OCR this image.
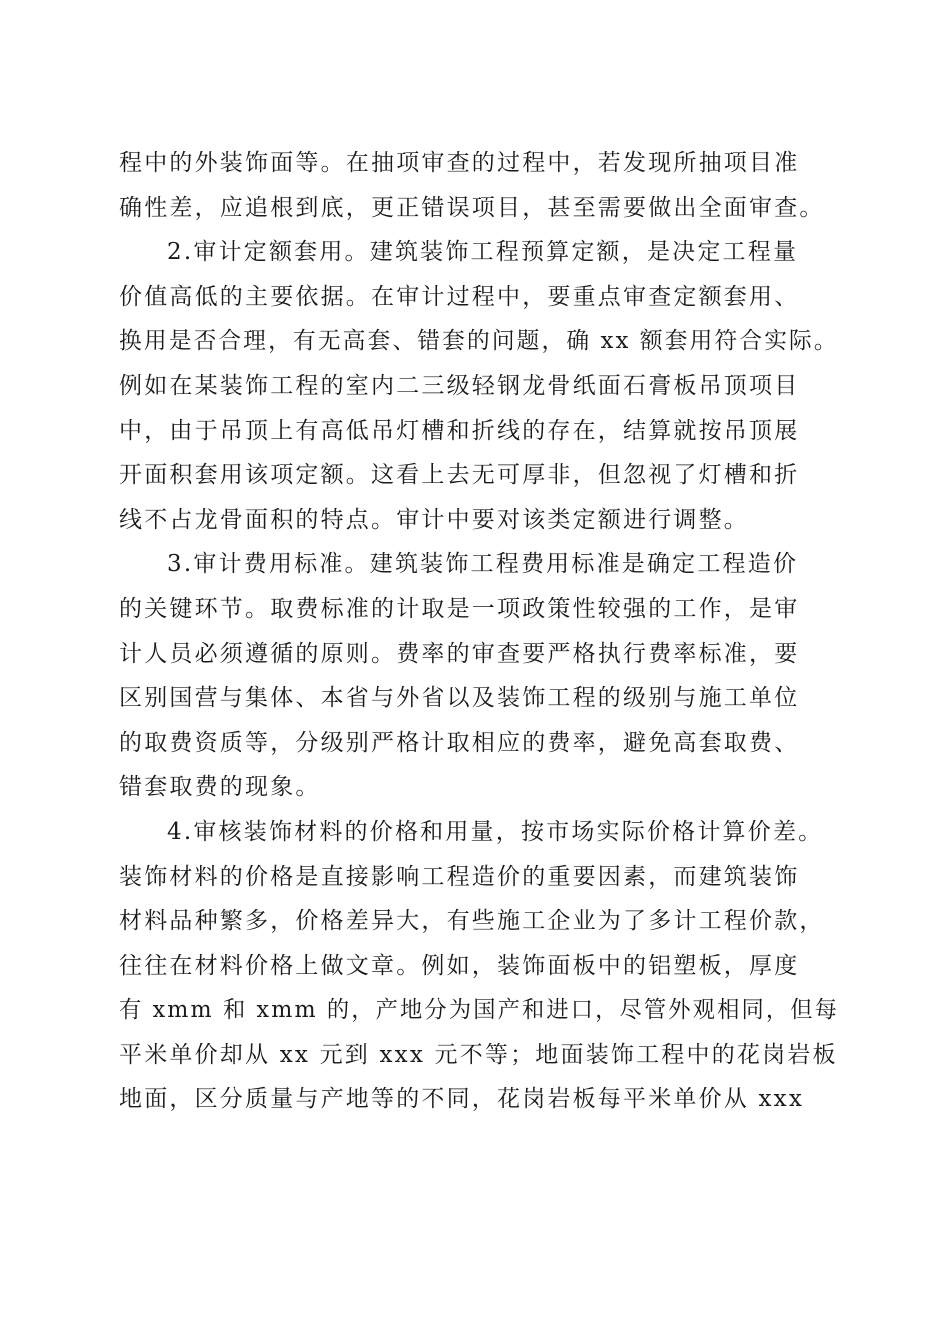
程中的外装饰面等。在抽项审查的过程中，若发现所抽项目准
确性差，应追根到底，更正错误项目，甚至需要做出全面审查。
2.审计定额套用。建筑装饰工程预算定额，是决定工程量
价值高低的主要依据。在审计过程中，要重点审查定额套用、
换用是否合理，有无高套、错套的问题，确 xx 额套用符合实际。
例如在某装饰工程的室内二三级轻钢龙骨纸面石膏板吊顶项目
中，由于吊顶上有高低吊灯槽和折线的存在，结算就按吊顶展
开面积套用该项定额。这看上去无可厚非，但忽视了灯槽和折
线不占龙骨面积的特点。审计中要对该类定额进行调整。
3.审计费用标准。建筑装饰工程费用标准是确定工程造价
的关键环节。取费标准的计取是一项政策性较强的工作，是审
计人员必须遵循的原则。费率的审查要严格执行费率标准，要
区别国营与集体、本省与外省以及装饰工程的级别与施工单位
的取费资质等，分级别严格计取相应的费率，避免高套取费、
错套取费的现象。
4.审核装饰材料的价格和用量，按市场实际价格计算价差。
装饰材料的价格是直接影响工程造价的重要因素，而建筑装饰
材料品种繁多，价格差异大，有些施工企业为了多计工程价款，
往往在材料价格上做文章。例如，装饰面板中的铝塑板，厚度
有 xmm 和 xmm 的，产地分为国产和进口，尽管外观相同，但每
平米单价却从 xx 元到 xxx 元不等；地面装饰工程中的花岗岩板
地面，区分质量与产地等的不同，花岗岩板每平米单价从 xxx
